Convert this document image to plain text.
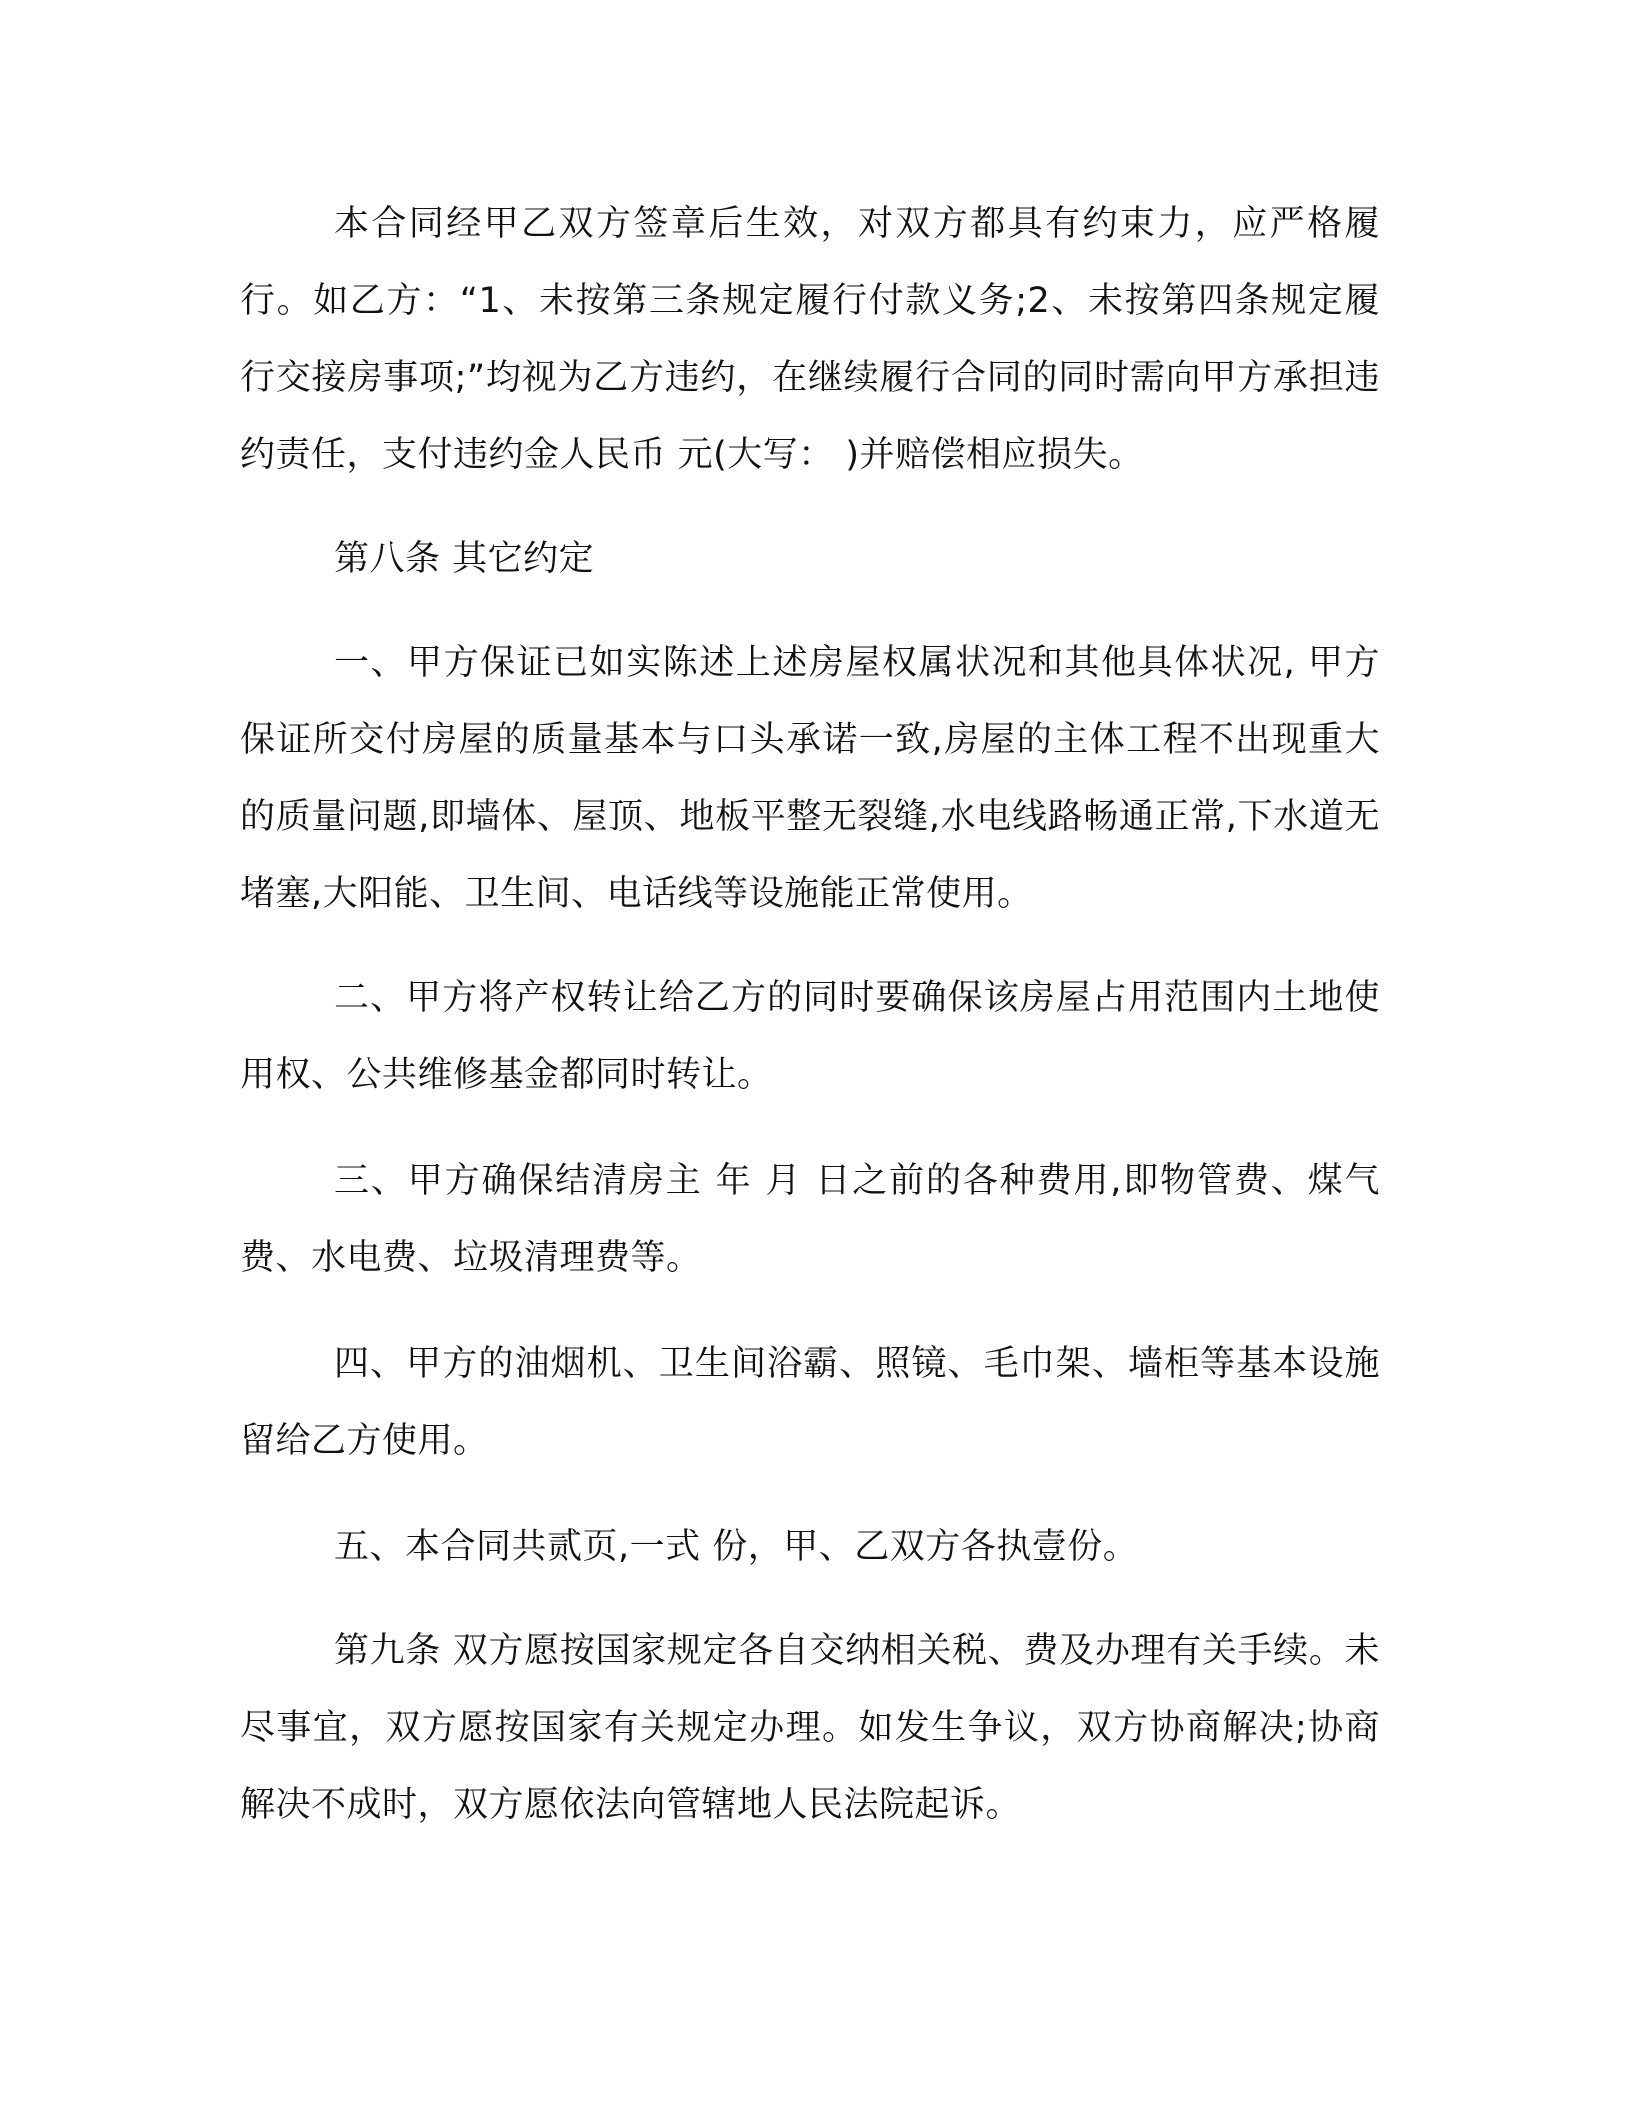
本合同经甲乙双方签章后生效，对双方都具有约束力，应严格履行。如乙方：“1、未按第三条规定履行付款义务;2、未按第四条规定履行交接房事项;”均视为乙方违约，在继续履行合同的同时需向甲方承担违约责任，支付违约金人民币 元(大写： )并赔偿相应损失。

第八条 其它约定

一、甲方保证已如实陈述上述房屋权属状况和其他具体状况, 甲方保证所交付房屋的质量基本与口头承诺一致,房屋的主体工程不出现重大的质量问题,即墙体、屋顶、地板平整无裂缝,水电线路畅通正常,下水道无堵塞,大阳能、卫生间、电话线等设施能正常使用。

二、甲方将产权转让给乙方的同时要确保该房屋占用范围内土地使用权、公共维修基金都同时转让。

三、甲方确保结清房主 年 月 日之前的各种费用,即物管费、煤气费、水电费、垃圾清理费等。

四、甲方的油烟机、卫生间浴霸、照镜、毛巾架、墙柜等基本设施留给乙方使用。

五、本合同共贰页,一式 份，甲、乙双方各执壹份。

第九条 双方愿按国家规定各自交纳相关税、费及办理有关手续。未尽事宜，双方愿按国家有关规定办理。如发生争议，双方协商解决;协商解决不成时，双方愿依法向管辖地人民法院起诉。
